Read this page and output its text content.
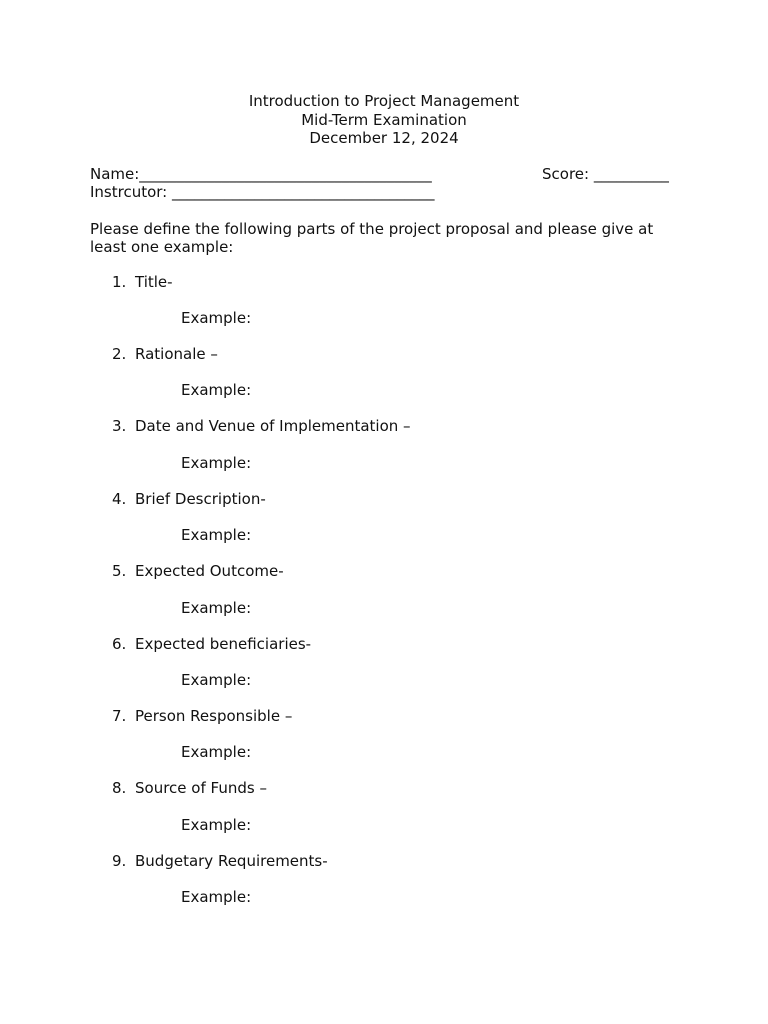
Introduction to Project Management
Mid-Term Examination
December 12, 2024
Name:_______________________________________	Score: __________
Instrcutor: ___________________________________
Please define the following parts of the project proposal and please give at least one example:
1. Title-
Example:
2. Rationale –
Example:
3. Date and Venue of Implementation –
Example:
4. Brief Description-
Example:
5. Expected Outcome-
Example:
6. Expected beneficiaries-
Example:
7. Person Responsible –
Example:
8. Source of Funds –
Example:
9. Budgetary Requirements-
Example:
